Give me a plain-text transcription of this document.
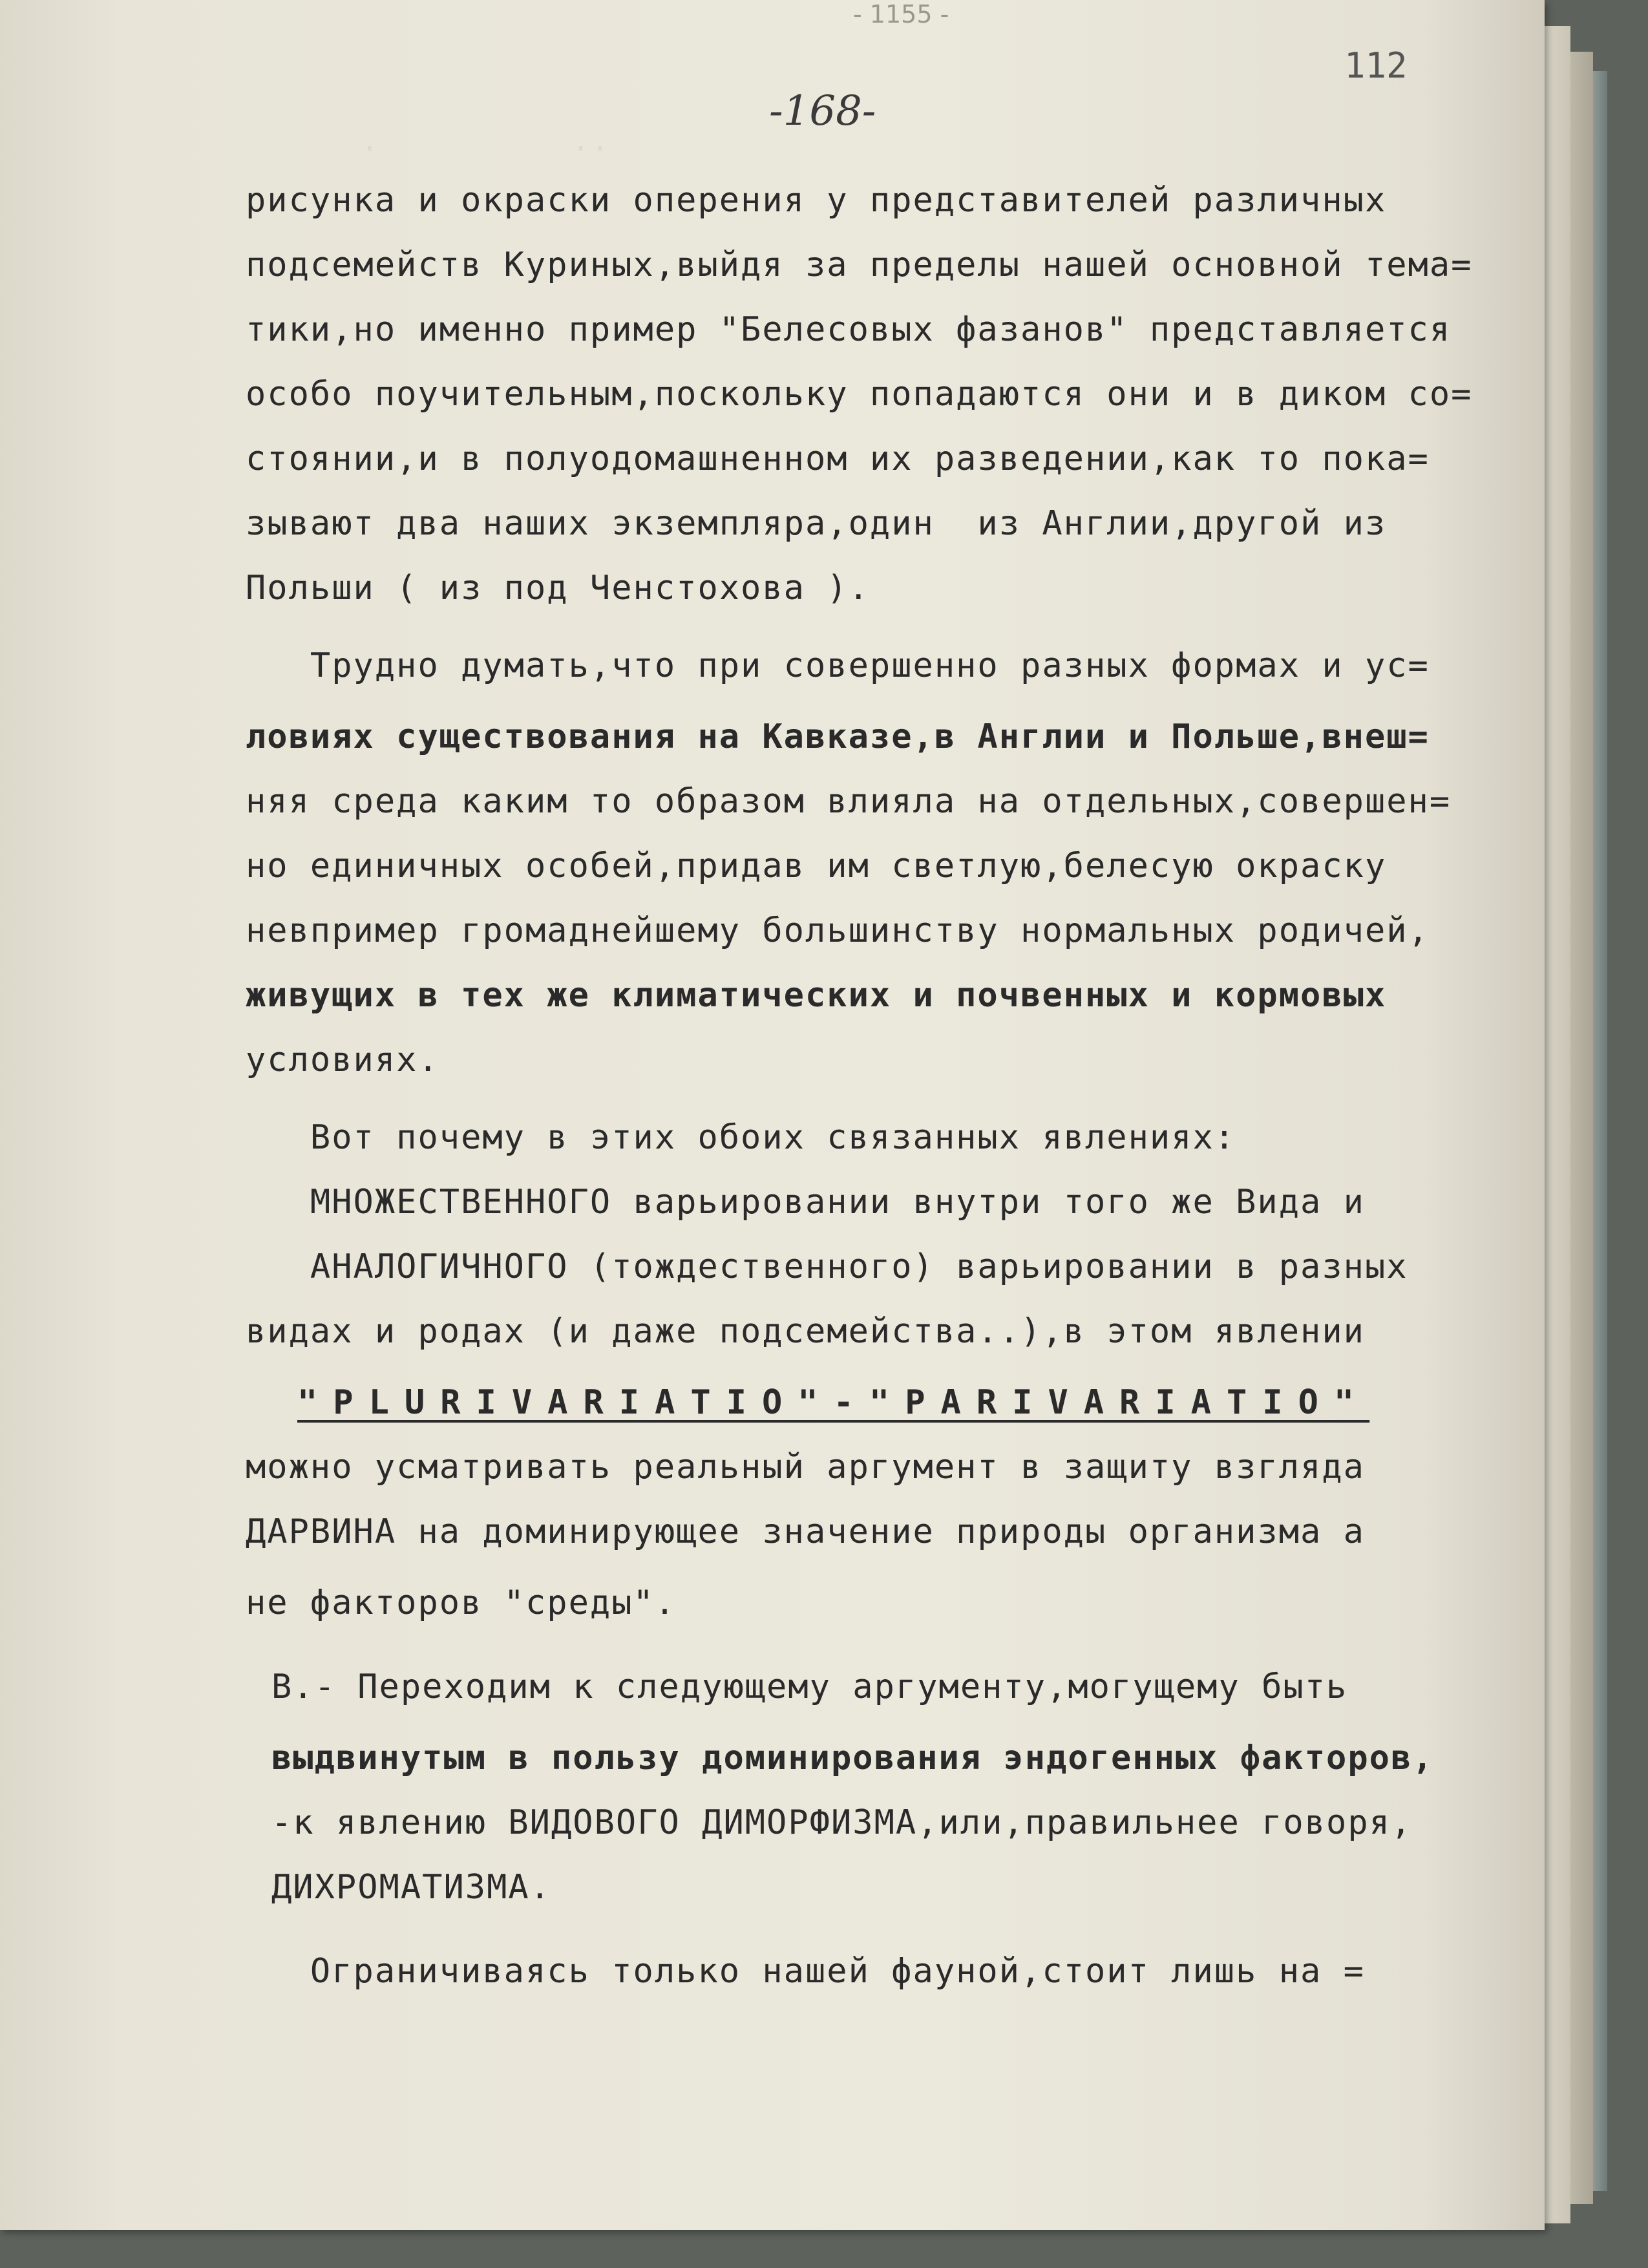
.          ..
- 1155 -
112
-168-
рисунка и окраски оперения у представителей различных
подсемейств Куриных,выйдя за пределы нашей основной тема=
тики,но именно пример "Белесовых фазанов" представляется
особо поучительным,поскольку попадаются они и в диком со=
стоянии,и в полуодомашненном их разведении,как то пока=
зывают два наших экземпляра,один  из Англии,другой из
Польши ( из под Ченстохова ).
Трудно думать,что при совершенно разных формах и ус=
ловиях существования на Кавказе,в Англии и Польше,внеш=
няя среда каким то образом влияла на отдельных,совершен=
но единичных особей,придав им светлую,белесую окраску
невпример громаднейшему большинству нормальных родичей,
живущих в тех же климатических и почвенных и кормовых
условиях.
Вот почему в этих обоих связанных явлениях:
МНОЖЕСТВЕННОГО варьировании внутри того же Вида и
АНАЛОГИЧНОГО (тождественного) варьировании в разных
видах и родах (и даже подсемейства..),в этом явлении
"PLURIVARIATIO"-"PARIVARIATIO"
можно усматривать реальный аргумент в защиту взгляда
ДАРВИНА на доминирующее значение природы организма а
не факторов "среды".
В.- Переходим к следующему аргументу,могущему быть
выдвинутым в пользу доминирования эндогенных факторов,
-к явлению ВИДОВОГО ДИМОРФИЗМА,или,правильнее говоря,
ДИХРОМАТИЗМА.
Ограничиваясь только нашей фауной,стоит лишь на =
